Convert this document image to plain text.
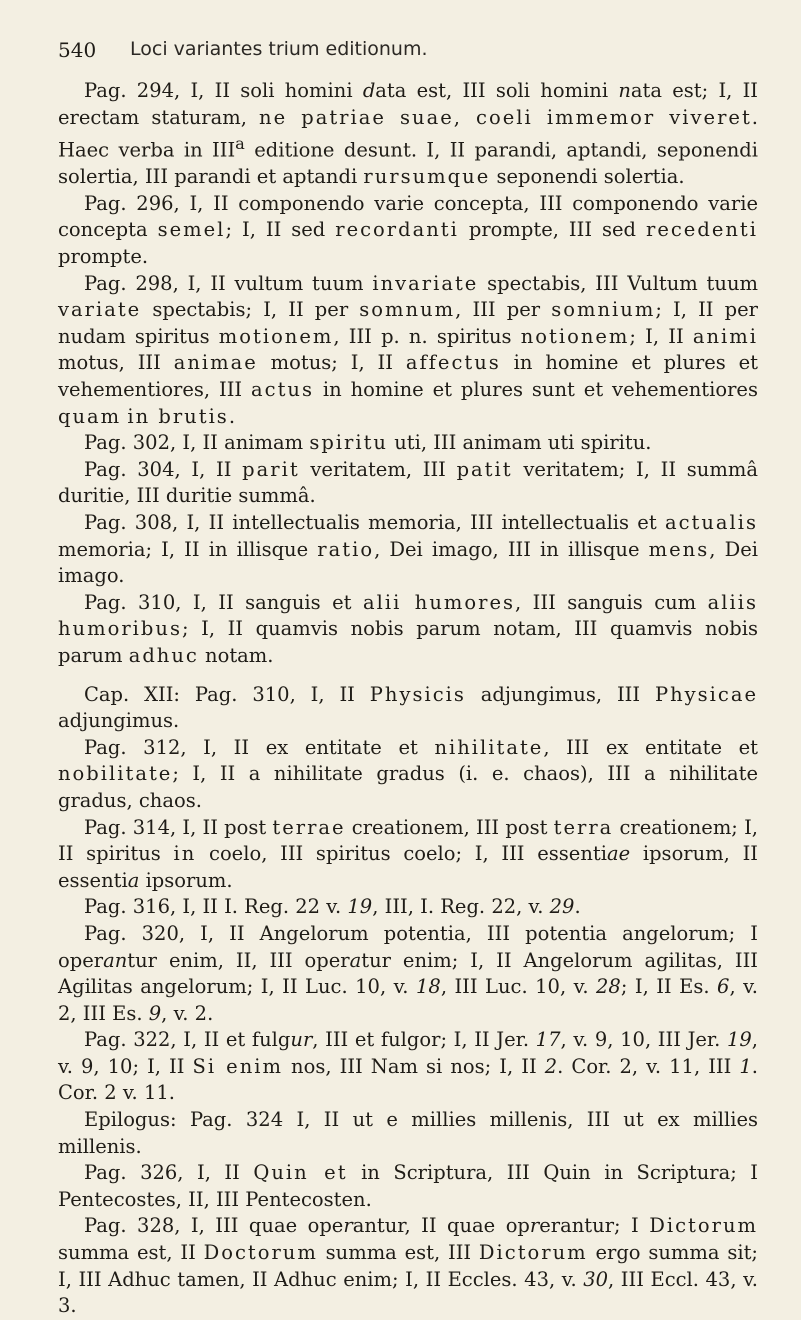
540 Loci variantes trium editionum.

Pag. 294, I, II soli homini data est, III soli homini nata est; I, II erectam staturam, ne patriae suae, coeli immemor viveret. Haec verba in III$^a$ editione desunt. I, II parandi, aptandi, seponendi solertia, III parandi et aptandi rursumque seponendi solertia.

Pag. 296, I, II componendo varie concepta, III componendo varie concepta semel; I, II sed recordanti prompte, III sed recedenti prompte.

Pag. 298, I, II vultum tuum invariate spectabis, III Vultum tuum variate spectabis; I, II per somnum, III per somnium; I, II per nudam spiritus motionem, III p. n. spiritus notionem; I, II animi motus, III animae motus; I, II affectus in homine et plures et vehementiores, III actus in homine et plures sunt et vehementiores quam in brutis.

Pag. 302, I, II animam spiritu uti, III animam uti spiritu.

Pag. 304, I, II parit veritatem, III patit veritatem; I, II summâ duritie, III duritie summâ.

Pag. 308, I, II intellectualis memoria, III intellectualis et actualis memoria; I, II in illisque ratio, Dei imago, III in illisque mens, Dei imago.

Pag. 310, I, II sanguis et alii humores, III sanguis cum aliis humoribus; I, II quamvis nobis parum notam, III quamvis nobis parum adhuc notam.

Cap. XII: Pag. 310, I, II Physicis adjungimus, III Physicae adjungimus.

Pag. 312, I, II ex entitate et nihilitate, III ex entitate et nobilitate; I, II a nihilitate gradus (i. e. chaos), III a nihilitate gradus, chaos.

Pag. 314, I, II post terrae creationem, III post terra creationem; I, II spiritus in coelo, III spiritus coelo; I, III essentiae ipsorum, II essentia ipsorum.

Pag. 316, I, II I. Reg. 22 v. 19, III, I. Reg. 22, v. 29.

Pag. 320, I, II Angelorum potentia, III potentia angelorum; I operantur enim, II, III operatur enim; I, II Angelorum agilitas, III Agilitas angelorum; I, II Luc. 10, v. 18, III Luc. 10, v. 28; I, II Es. 6, v. 2, III Es. 9, v. 2.

Pag. 322, I, II et fulgur, III et fulgor; I, II Jer. 17, v. 9, 10, III Jer. 19, v. 9, 10; I, II Si enim nos, III Nam si nos; I, II 2. Cor. 2, v. 11, III 1. Cor. 2 v. 11.

Epilogus: Pag. 324 I, II ut e millies millenis, III ut ex millies millenis.

Pag. 326, I, II Quin et in Scriptura, III Quin in Scriptura; I Pentecostes, II, III Pentecosten.

Pag. 328, I, III quae operantur, II quae oprerantur; I Dictorum summa est, II Doctorum summa est, III Dictorum ergo summa sit; I, III Adhuc tamen, II Adhuc enim; I, II Eccles. 43, v. 30, III Eccl. 43, v. 3.
